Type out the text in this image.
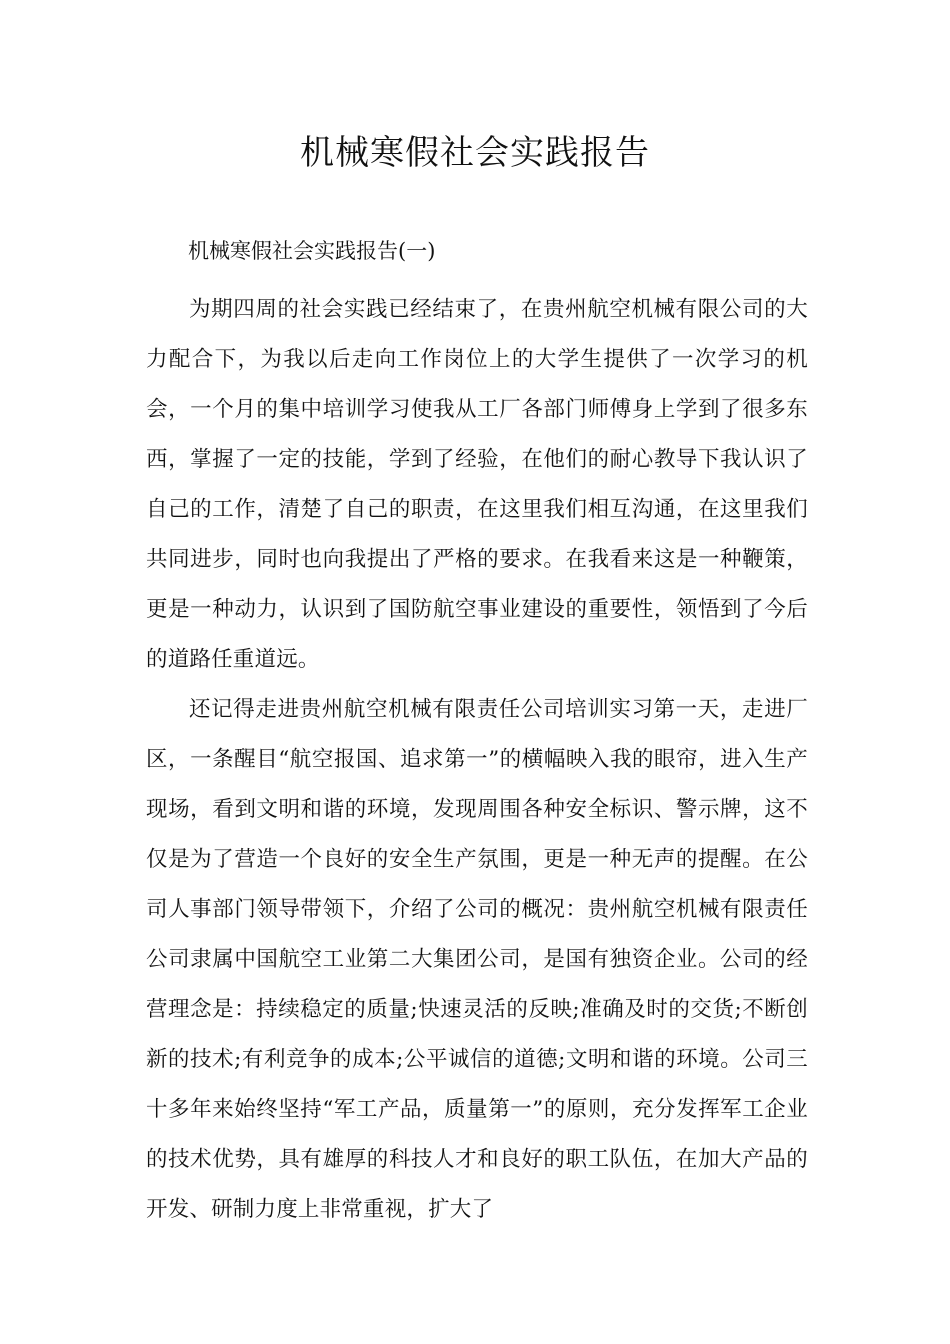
机械寒假社会实践报告

机械寒假社会实践报告(一)

为期四周的社会实践已经结束了，在贵州航空机械有限公司的大力配合下，为我以后走向工作岗位上的大学生提供了一次学习的机会，一个月的集中培训学习使我从工厂各部门师傅身上学到了很多东西，掌握了一定的技能，学到了经验，在他们的耐心教导下我认识了自己的工作，清楚了自己的职责，在这里我们相互沟通，在这里我们共同进步，同时也向我提出了严格的要求。在我看来这是一种鞭策，更是一种动力，认识到了国防航空事业建设的重要性，领悟到了今后的道路任重道远。

还记得走进贵州航空机械有限责任公司培训实习第一天，走进厂区，一条醒目“航空报国、追求第一”的横幅映入我的眼帘，进入生产现场，看到文明和谐的环境，发现周围各种安全标识、警示牌，这不仅是为了营造一个良好的安全生产氛围，更是一种无声的提醒。在公司人事部门领导带领下，介绍了公司的概况：贵州航空机械有限责任公司隶属中国航空工业第二大集团公司，是国有独资企业。公司的经营理念是：持续稳定的质量;快速灵活的反映;准确及时的交货;不断创新的技术;有利竞争的成本;公平诚信的道德;文明和谐的环境。公司三十多年来始终坚持“军工产品，质量第一”的原则，充分发挥军工企业的技术优势，具有雄厚的科技人才和良好的职工队伍，在加大产品的开发、研制力度上非常重视，扩大了
